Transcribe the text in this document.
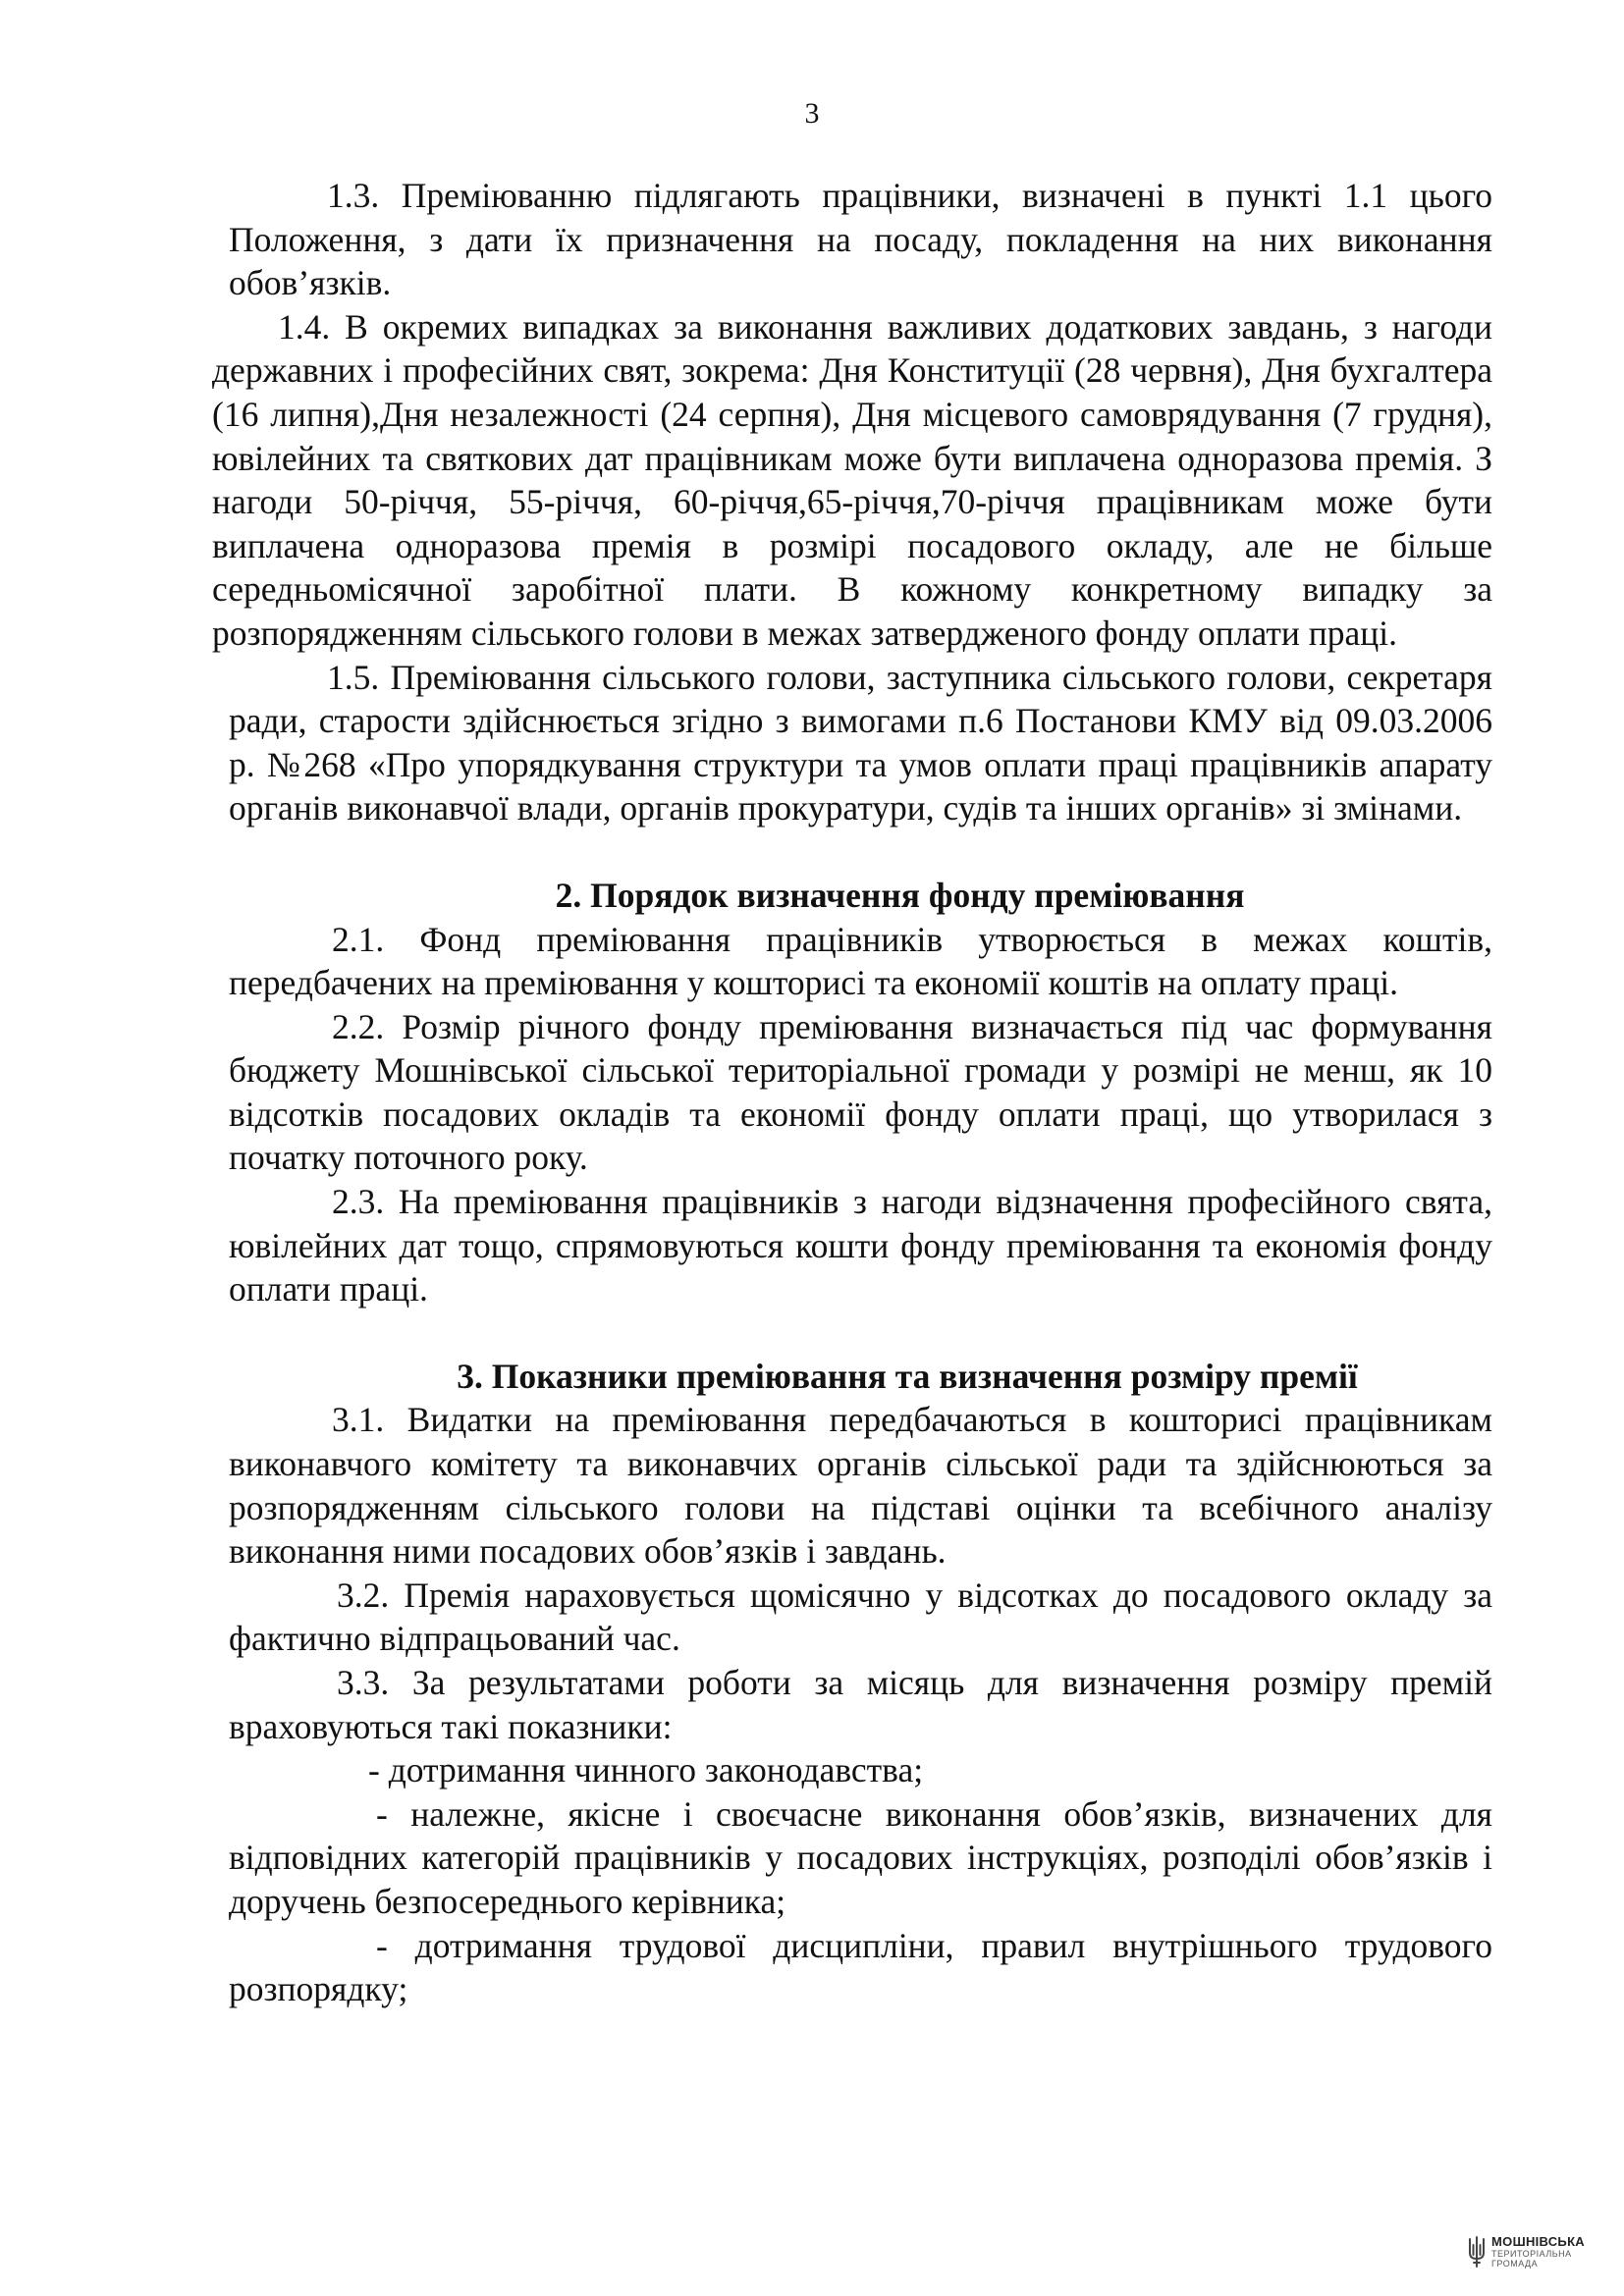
3

1.3. Преміюванню підлягають працівники, визначені в пункті 1.1 цього Положення, з дати їх призначення на посаду, покладення на них виконання обов’язків.

1.4. В окремих випадках за виконання важливих додаткових завдань, з нагоди державних і професійних свят, зокрема: Дня Конституції (28 червня), Дня бухгалтера (16 липня),Дня незалежності (24 серпня), Дня місцевого самоврядування (7 грудня), ювілейних та святкових дат працівникам може бути виплачена одноразова премія. З нагоди 50-річчя, 55-річчя, 60-річчя,65-річчя,70-річчя працівникам може бути виплачена одноразова премія в розмірі посадового окладу, але не більше середньомісячної заробітної плати. В кожному конкретному випадку за розпорядженням сільського голови в межах затвердженого фонду оплати праці.

1.5. Преміювання сільського голови, заступника сільського голови, секретаря ради, старости здійснюється згідно з вимогами п.6 Постанови КМУ від 09.03.2006 р. №268 «Про упорядкування структури та умов оплати праці працівників апарату органів виконавчої влади, органів прокуратури, судів та інших органів» зі змінами.

2. Порядок визначення фонду преміювання

2.1. Фонд преміювання працівників утворюється в межах коштів, передбачених на преміювання у кошторисі та економії коштів на оплату праці.

2.2. Розмір річного фонду преміювання визначається під час формування бюджету Мошнівської сільської територіальної громади у розмірі не менш, як 10 відсотків посадових окладів та економії фонду оплати праці, що утворилася з початку поточного року.

2.3. На преміювання працівників з нагоди відзначення професійного свята, ювілейних дат тощо, спрямовуються кошти фонду преміювання та економія фонду оплати праці.

3. Показники преміювання та визначення розміру премії

3.1. Видатки на преміювання передбачаються в кошторисі працівникам виконавчого комітету та виконавчих органів сільської ради та здійснюються за розпорядженням сільського голови на підставі оцінки та всебічного аналізу виконання ними посадових обов’язків і завдань.

3.2. Премія нараховується щомісячно у відсотках до посадового окладу за фактично відпрацьований час.

3.3. За результатами роботи за місяць для визначення розміру премій враховуються такі показники:

- дотримання чинного законодавства;

- належне, якісне і своєчасне виконання обов’язків, визначених для відповідних категорій працівників у посадових інструкціях, розподілі обов’язків і доручень безпосереднього керівника;

- дотримання трудової дисципліни, правил внутрішнього трудового розпорядку;

МОШНІВСЬКА
ТЕРИТОРІАЛЬНА
ГРОМАДА
